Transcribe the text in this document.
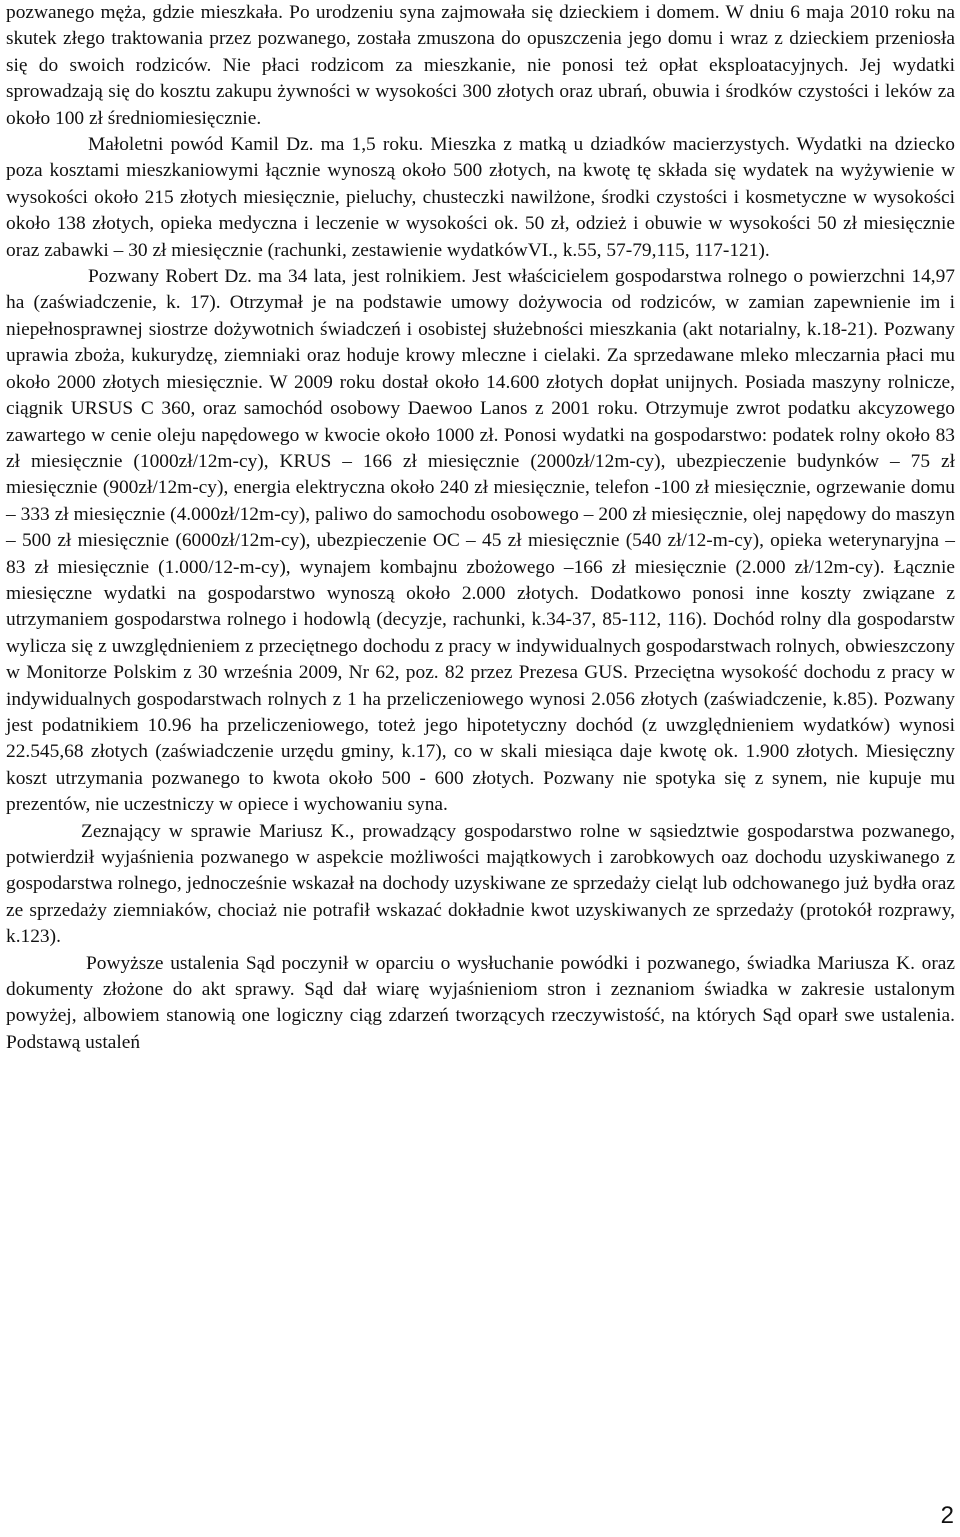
pozwanego męża, gdzie mieszkała. Po urodzeniu syna zajmowała się dzieckiem i domem. W dniu 6 maja 2010 roku na skutek złego traktowania przez pozwanego, została zmuszona do opuszczenia jego domu i wraz z dzieckiem przeniosła się do swoich rodziców. Nie płaci rodzicom za mieszkanie, nie ponosi też opłat eksploatacyjnych. Jej wydatki sprowadzają się do kosztu zakupu żywności w wysokości 300 złotych oraz ubrań, obuwia i środków czystości i leków za około 100 zł średniomiesięcznie.

Małoletni powód Kamil Dz. ma 1,5 roku. Mieszka z matką u dziadków macierzystych. Wydatki na dziecko poza kosztami mieszkaniowymi łącznie wynoszą około 500 złotych, na kwotę tę składa się wydatek na wyżywienie w wysokości około 215 złotych miesięcznie, pieluchy, chusteczki nawilżone, środki czystości i kosmetyczne w wysokości około 138 złotych, opieka medyczna i leczenie w wysokości ok. 50 zł, odzież i obuwie w wysokości 50 zł miesięcznie oraz zabawki – 30 zł miesięcznie (rachunki, zestawienie wydatkówVI., k.55, 57-79,115, 117-121).

Pozwany Robert Dz. ma 34 lata, jest rolnikiem. Jest właścicielem gospodarstwa rolnego o powierzchni 14,97 ha (zaświadczenie, k. 17). Otrzymał je na podstawie umowy dożywocia od rodziców, w zamian zapewnienie im i niepełnosprawnej siostrze dożywotnich świadczeń i osobistej służebności mieszkania (akt notarialny, k.18-21). Pozwany uprawia zboża, kukurydzę, ziemniaki oraz hoduje krowy mleczne i cielaki. Za sprzedawane mleko mleczarnia płaci mu około 2000 złotych miesięcznie. W 2009 roku dostał około 14.600 złotych dopłat unijnych. Posiada maszyny rolnicze, ciągnik URSUS C 360, oraz samochód osobowy Daewoo Lanos z 2001 roku. Otrzymuje zwrot podatku akcyzowego zawartego w cenie oleju napędowego w kwocie około 1000 zł. Ponosi wydatki na gospodarstwo: podatek rolny około 83 zł miesięcznie (1000zł/12m-cy), KRUS – 166 zł miesięcznie (2000zł/12m-cy), ubezpieczenie budynków – 75 zł miesięcznie (900zł/12m-cy), energia elektryczna około 240 zł miesięcznie, telefon -100 zł miesięcznie, ogrzewanie domu – 333 zł miesięcznie (4.000zł/12m-cy), paliwo do samochodu osobowego – 200 zł miesięcznie, olej napędowy do maszyn – 500 zł miesięcznie (6000zł/12m-cy), ubezpieczenie OC – 45 zł miesięcznie (540 zł/12-m-cy), opieka weterynaryjna – 83 zł miesięcznie (1.000/12-m-cy), wynajem kombajnu zbożowego –166 zł miesięcznie (2.000 zł/12m-cy). Łącznie miesięczne wydatki na gospodarstwo wynoszą około 2.000 złotych. Dodatkowo ponosi inne koszty związane z utrzymaniem gospodarstwa rolnego i hodowlą (decyzje, rachunki, k.34-37, 85-112, 116). Dochód rolny dla gospodarstw wylicza się z uwzględnieniem z przeciętnego dochodu z pracy w indywidualnych gospodarstwach rolnych, obwieszczony w Monitorze Polskim z 30 września 2009, Nr 62, poz. 82 przez Prezesa GUS. Przeciętna wysokość dochodu z pracy w indywidualnych gospodarstwach rolnych z 1 ha przeliczeniowego wynosi 2.056 złotych (zaświadczenie, k.85). Pozwany jest podatnikiem 10.96 ha przeliczeniowego, toteż jego hipotetyczny dochód (z uwzględnieniem wydatków) wynosi 22.545,68 złotych (zaświadczenie urzędu gminy, k.17), co w skali miesiąca daje kwotę ok. 1.900 złotych. Miesięczny koszt utrzymania pozwanego to kwota około 500 - 600 złotych. Pozwany nie spotyka się z synem, nie kupuje mu prezentów, nie uczestniczy w opiece i wychowaniu syna.

Zeznający w sprawie Mariusz K., prowadzący gospodarstwo rolne w sąsiedztwie gospodarstwa pozwanego, potwierdził wyjaśnienia pozwanego w aspekcie możliwości majątkowych i zarobkowych oaz dochodu uzyskiwanego z gospodarstwa rolnego, jednocześnie wskazał na dochody uzyskiwane ze sprzedaży cieląt lub odchowanego już bydła oraz ze sprzedaży ziemniaków, chociaż nie potrafił wskazać dokładnie kwot uzyskiwanych ze sprzedaży (protokół rozprawy, k.123).

Powyższe ustalenia Sąd poczynił w oparciu o wysłuchanie powódki i pozwanego, świadka Mariusza K. oraz dokumenty złożone do akt sprawy. Sąd dał wiarę wyjaśnieniom stron i zeznaniom świadka w zakresie ustalonym powyżej, albowiem stanowią one logiczny ciąg zdarzeń tworzących rzeczywistość, na których Sąd oparł swe ustalenia. Podstawą ustaleń

2
